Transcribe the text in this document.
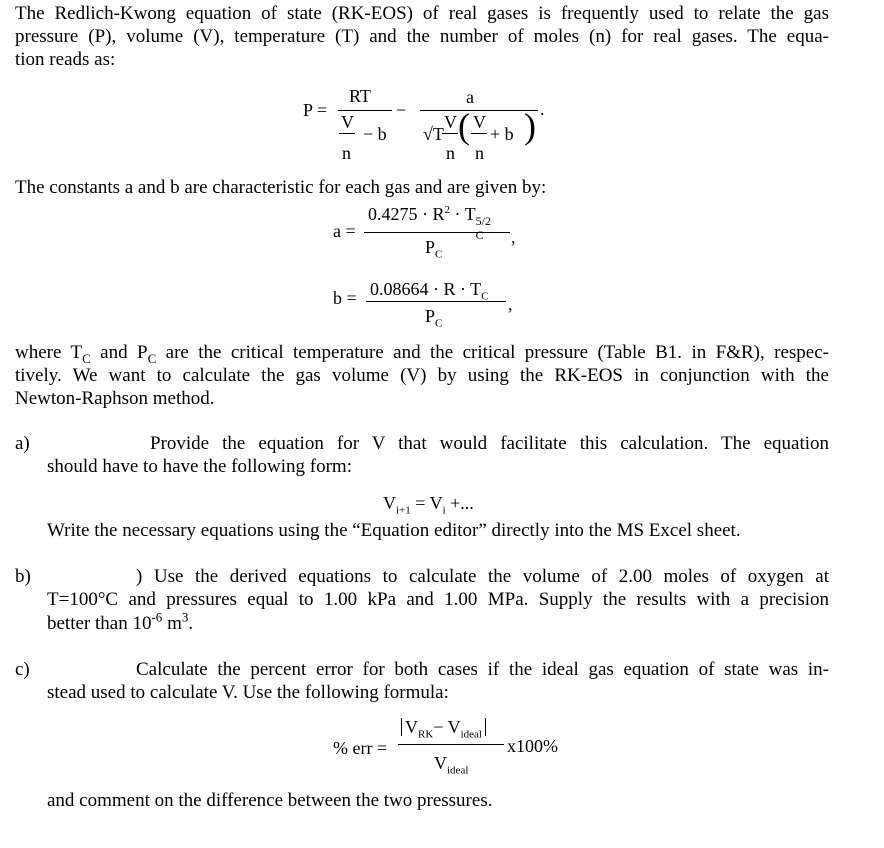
The Redlich-Kwong equation of state (RK-EOS) of real gases is frequently used to relate the gas
pressure (P), volume (V), temperature (T) and the number of moles (n) for real gases. The equa-
tion reads as:
P =
RT
V
n
− b
−
a
√T
V
n
( V
n
+ b ) .
The constants a and b are characteristic for each gas and are given by:
a =
$0.4275 \cdot R^2 \cdot T$ 5/2
C
$P_C$
,
$b = 0.08664 \cdot R \cdot T_C$
$P_C$
,
where $T_C$ and $P_C$ are the critical temperature and the critical pressure (Table B1. in F&R), respec-
tively. We want to calculate the gas volume (V) by using the RK-EOS in conjunction with the
Newton-Raphson method.
a)	Provide the equation for V that would facilitate this calculation. The equation
should have to have the following form:
$V_{i+1} = V_i$ +...
Write the necessary equations using the “Equation editor” directly into the MS Excel sheet.
b)	) Use the derived equations to calculate the volume of 2.00 moles of oxygen at
T=100°C and pressures equal to 1.00 kPa and 1.00 MPa. Supply the results with a precision
better than $10^{-6}$ $m^3$.
c)	Calculate the percent error for both cases if the ideal gas equation of state was in-
stead used to calculate V. Use the following formula:
% err =
$V_{RK}- V_{ideal}$
$V_{ideal}$
x100%
and comment on the difference between the two pressures.
